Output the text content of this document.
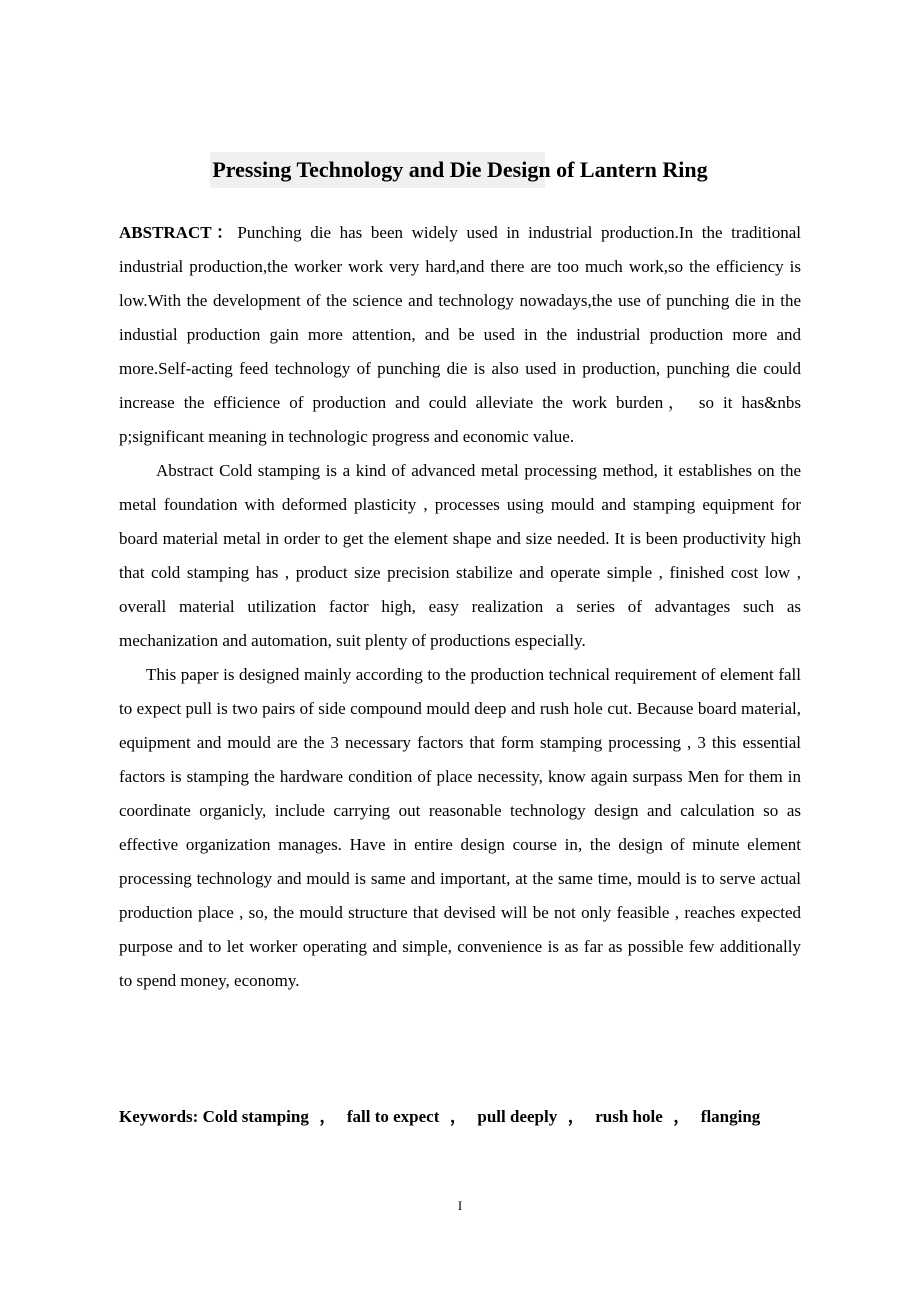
Pressing Technology and Die Design of Lantern Ring

ABSTRACT：Punching die has been widely used in industrial production.In the traditional industrial production,the worker work very hard,and there are too much work,so the efficiency is low.With the development of the science and technology nowadays,the use of punching die in the industial production gain more attention, and be used in the industrial production more and more.Self-acting feed technology of punching die is also used in production, punching die could increase the efficience of production and could alleviate the work burden， so it has&nbs p;significant meaning in technologic progress and economic value.

Abstract Cold stamping is a kind of advanced metal processing method, it establishes on the metal foundation with deformed plasticity , processes using mould and stamping equipment for board material metal in order to get the element shape and size needed. It is been productivity high that cold stamping has , product size precision stabilize and operate simple , finished cost low , overall material utilization factor high, easy realization a series of advantages such as mechanization and automation, suit plenty of productions especially.

This paper is designed mainly according to the production technical requirement of element fall to expect pull is two pairs of side compound mould deep and rush hole cut. Because board material, equipment and mould are the 3 necessary factors that form stamping processing , 3 this essential factors is stamping the hardware condition of place necessity, know again surpass Men for them in coordinate organicly, include carrying out reasonable technology design and calculation so as effective organization manages. Have in entire design course in, the design of minute element processing technology and mould is same and important, at the same time, mould is to serve actual production place , so, the mould structure that devised will be not only feasible , reaches expected purpose and to let worker operating and simple, convenience is as far as possible few additionally to spend money, economy.

Keywords: Cold stamping ， fall to expect ， pull deeply ， rush hole ， flanging
I
